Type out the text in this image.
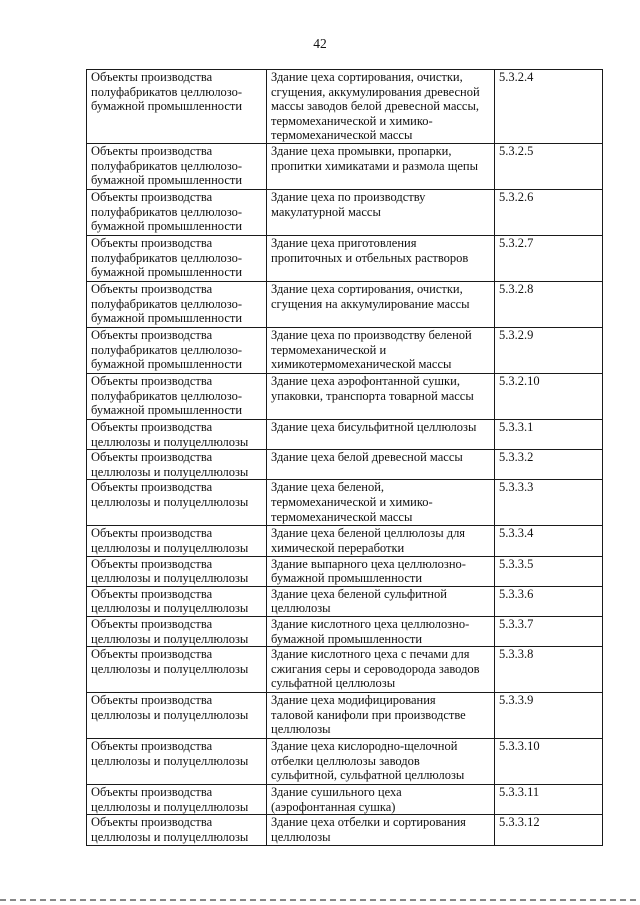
42
Объекты производства
полуфабрикатов целлюлозо-
бумажной промышленности	Здание цеха сортирования, очистки,
сгущения, аккумулирования древесной
массы заводов белой древесной массы,
термомеханической и химико-
термомеханической массы	5.3.2.4
Объекты производства
полуфабрикатов целлюлозо-
бумажной промышленности	Здание цеха промывки, пропарки,
пропитки химикатами и размола щепы	5.3.2.5
Объекты производства
полуфабрикатов целлюлозо-
бумажной промышленности	Здание цеха по производству
макулатурной массы	5.3.2.6
Объекты производства
полуфабрикатов целлюлозо-
бумажной промышленности	Здание цеха приготовления
пропиточных и отбельных растворов	5.3.2.7
Объекты производства
полуфабрикатов целлюлозо-
бумажной промышленности	Здание цеха сортирования, очистки,
сгущения на аккумулирование массы	5.3.2.8
Объекты производства
полуфабрикатов целлюлозо-
бумажной промышленности	Здание цеха по производству беленой
термомеханической и
химикотермомеханической массы	5.3.2.9
Объекты производства
полуфабрикатов целлюлозо-
бумажной промышленности	Здание цеха аэрофонтанной сушки,
упаковки, транспорта товарной массы	5.3.2.10
Объекты производства
целлюлозы и полуцеллюлозы	Здание цеха бисульфитной целлюлозы	5.3.3.1
Объекты производства
целлюлозы и полуцеллюлозы	Здание цеха белой древесной массы	5.3.3.2
Объекты производства
целлюлозы и полуцеллюлозы	Здание цеха беленой,
термомеханической и химико-
термомеханической массы	5.3.3.3
Объекты производства
целлюлозы и полуцеллюлозы	Здание цеха беленой целлюлозы для
химической переработки	5.3.3.4
Объекты производства
целлюлозы и полуцеллюлозы	Здание выпарного цеха целлюлозно-
бумажной промышленности	5.3.3.5
Объекты производства
целлюлозы и полуцеллюлозы	Здание цеха беленой сульфитной
целлюлозы	5.3.3.6
Объекты производства
целлюлозы и полуцеллюлозы	Здание кислотного цеха целлюлозно-
бумажной промышленности	5.3.3.7
Объекты производства
целлюлозы и полуцеллюлозы	Здание кислотного цеха с печами для
сжигания серы и сероводорода заводов
сульфатной целлюлозы	5.3.3.8
Объекты производства
целлюлозы и полуцеллюлозы	Здание цеха модифицирования
таловой канифоли при производстве
целлюлозы	5.3.3.9
Объекты производства
целлюлозы и полуцеллюлозы	Здание цеха кислородно-щелочной
отбелки целлюлозы заводов
сульфитной, сульфатной целлюлозы	5.3.3.10
Объекты производства
целлюлозы и полуцеллюлозы	Здание сушильного цеха
(аэрофонтанная сушка)	5.3.3.11
Объекты производства
целлюлозы и полуцеллюлозы	Здание цеха отбелки и сортирования
целлюлозы	5.3.3.12
